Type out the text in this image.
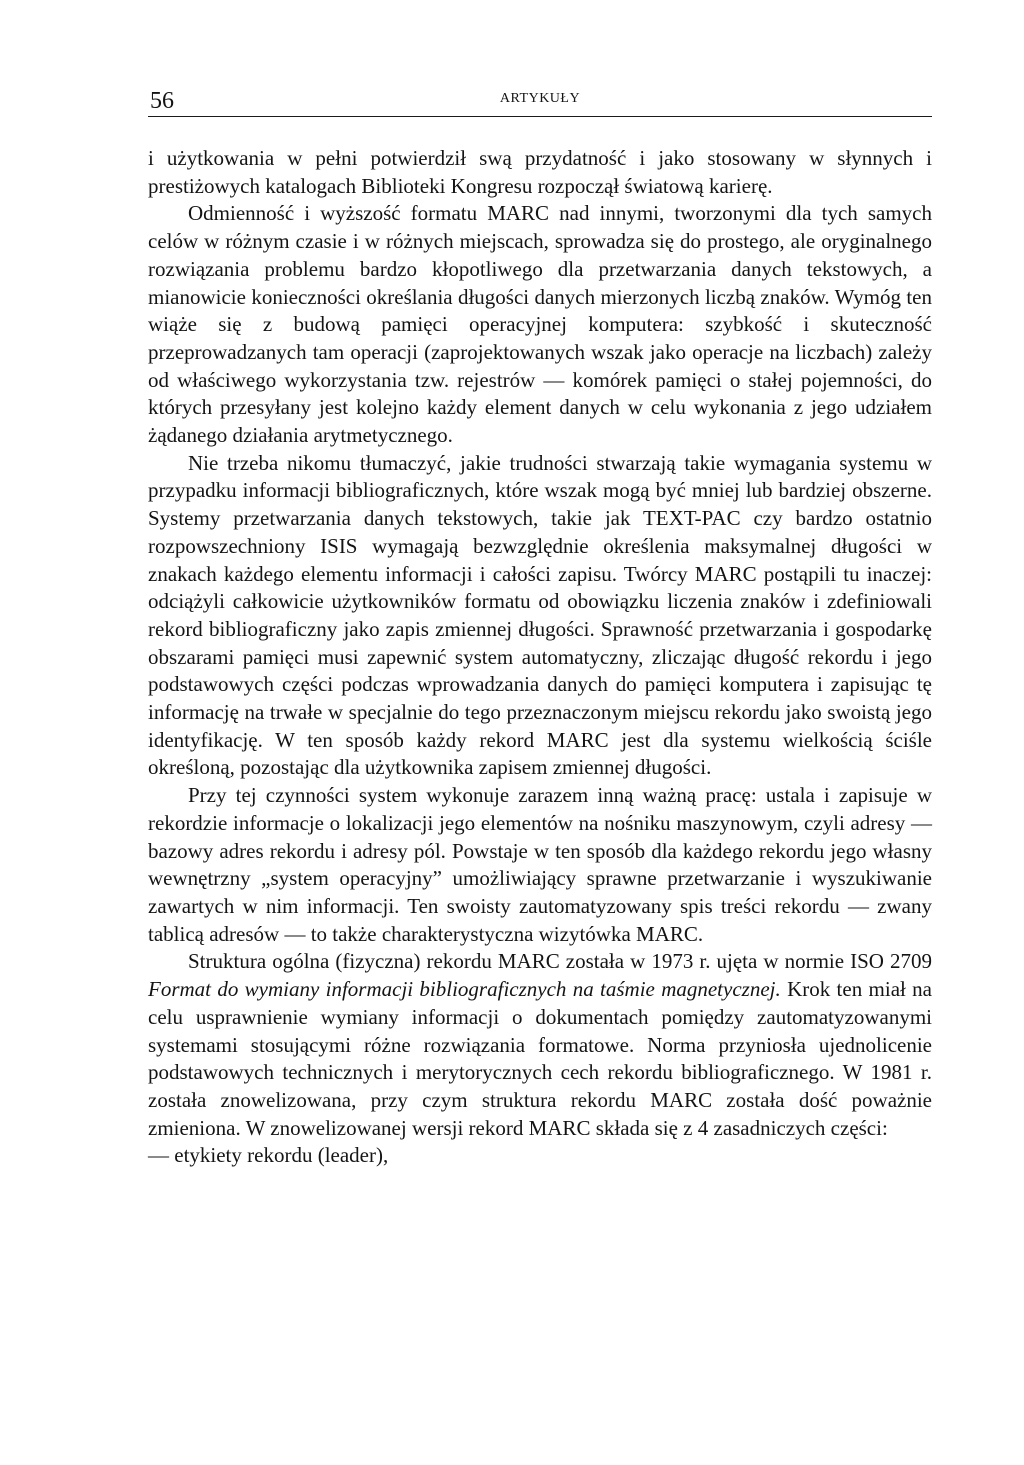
56	ARTYKUŁY

i użytkowania w pełni potwierdził swą przydatność i jako stosowany w słynnych i prestiżowych katalogach Biblioteki Kongresu rozpoczął światową karierę.

Odmienność i wyższość formatu MARC nad innymi, tworzonymi dla tych samych celów w różnym czasie i w różnych miejscach, sprowadza się do prostego, ale oryginalnego rozwiązania problemu bardzo kłopotliwego dla przetwarzania danych tekstowych, a mianowicie konieczności określania długości danych mierzonych liczbą znaków. Wymóg ten wiąże się z budową pamięci operacyjnej komputera: szybkość i skuteczność przeprowadzanych tam operacji (zaprojektowanych wszak jako operacje na liczbach) zależy od właściwego wykorzystania tzw. rejestrów — komórek pamięci o stałej pojemności, do których przesyłany jest kolejno każdy element danych w celu wykonania z jego udziałem żądanego działania arytmetycznego.

Nie trzeba nikomu tłumaczyć, jakie trudności stwarzają takie wymagania systemu w przypadku informacji bibliograficznych, które wszak mogą być mniej lub bardziej obszerne. Systemy przetwarzania danych tekstowych, takie jak TEXT-PAC czy bardzo ostatnio rozpowszechniony ISIS wymagają bezwzględnie określenia maksymalnej długości w znakach każdego elementu informacji i całości zapisu. Twórcy MARC postąpili tu inaczej: odciążyli całkowicie użytkowników formatu od obowiązku liczenia znaków i zdefiniowali rekord bibliograficzny jako zapis zmiennej długości. Sprawność przetwarzania i gospodarkę obszarami pamięci musi zapewnić system automatyczny, zliczając długość rekordu i jego podstawowych części podczas wprowadzania danych do pamięci komputera i zapisując tę informację na trwałe w specjalnie do tego przeznaczonym miejscu rekordu jako swoistą jego identyfikację. W ten sposób każdy rekord MARC jest dla systemu wielkością ściśle określoną, pozostając dla użytkownika zapisem zmiennej długości.

Przy tej czynności system wykonuje zarazem inną ważną pracę: ustala i zapisuje w rekordzie informacje o lokalizacji jego elementów na nośniku maszynowym, czyli adresy — bazowy adres rekordu i adresy pól. Powstaje w ten sposób dla każdego rekordu jego własny wewnętrzny „system operacyjny” umożliwiający sprawne przetwarzanie i wyszukiwanie zawartych w nim informacji. Ten swoisty zautomatyzowany spis treści rekordu — zwany tablicą adresów — to także charakterystyczna wizytówka MARC.

Struktura ogólna (fizyczna) rekordu MARC została w 1973 r. ujęta w normie ISO 2709 Format do wymiany informacji bibliograficznych na taśmie magnetycznej. Krok ten miał na celu usprawnienie wymiany informacji o dokumentach pomiędzy zautomatyzowanymi systemami stosującymi różne rozwiązania formatowe. Norma przyniosła ujednolicenie podstawowych technicznych i merytorycznych cech rekordu bibliograficznego. W 1981 r. została znowelizowana, przy czym struktura rekordu MARC została dość poważnie zmieniona. W znowelizowanej wersji rekord MARC składa się z 4 zasadniczych części:

— etykiety rekordu (leader),
